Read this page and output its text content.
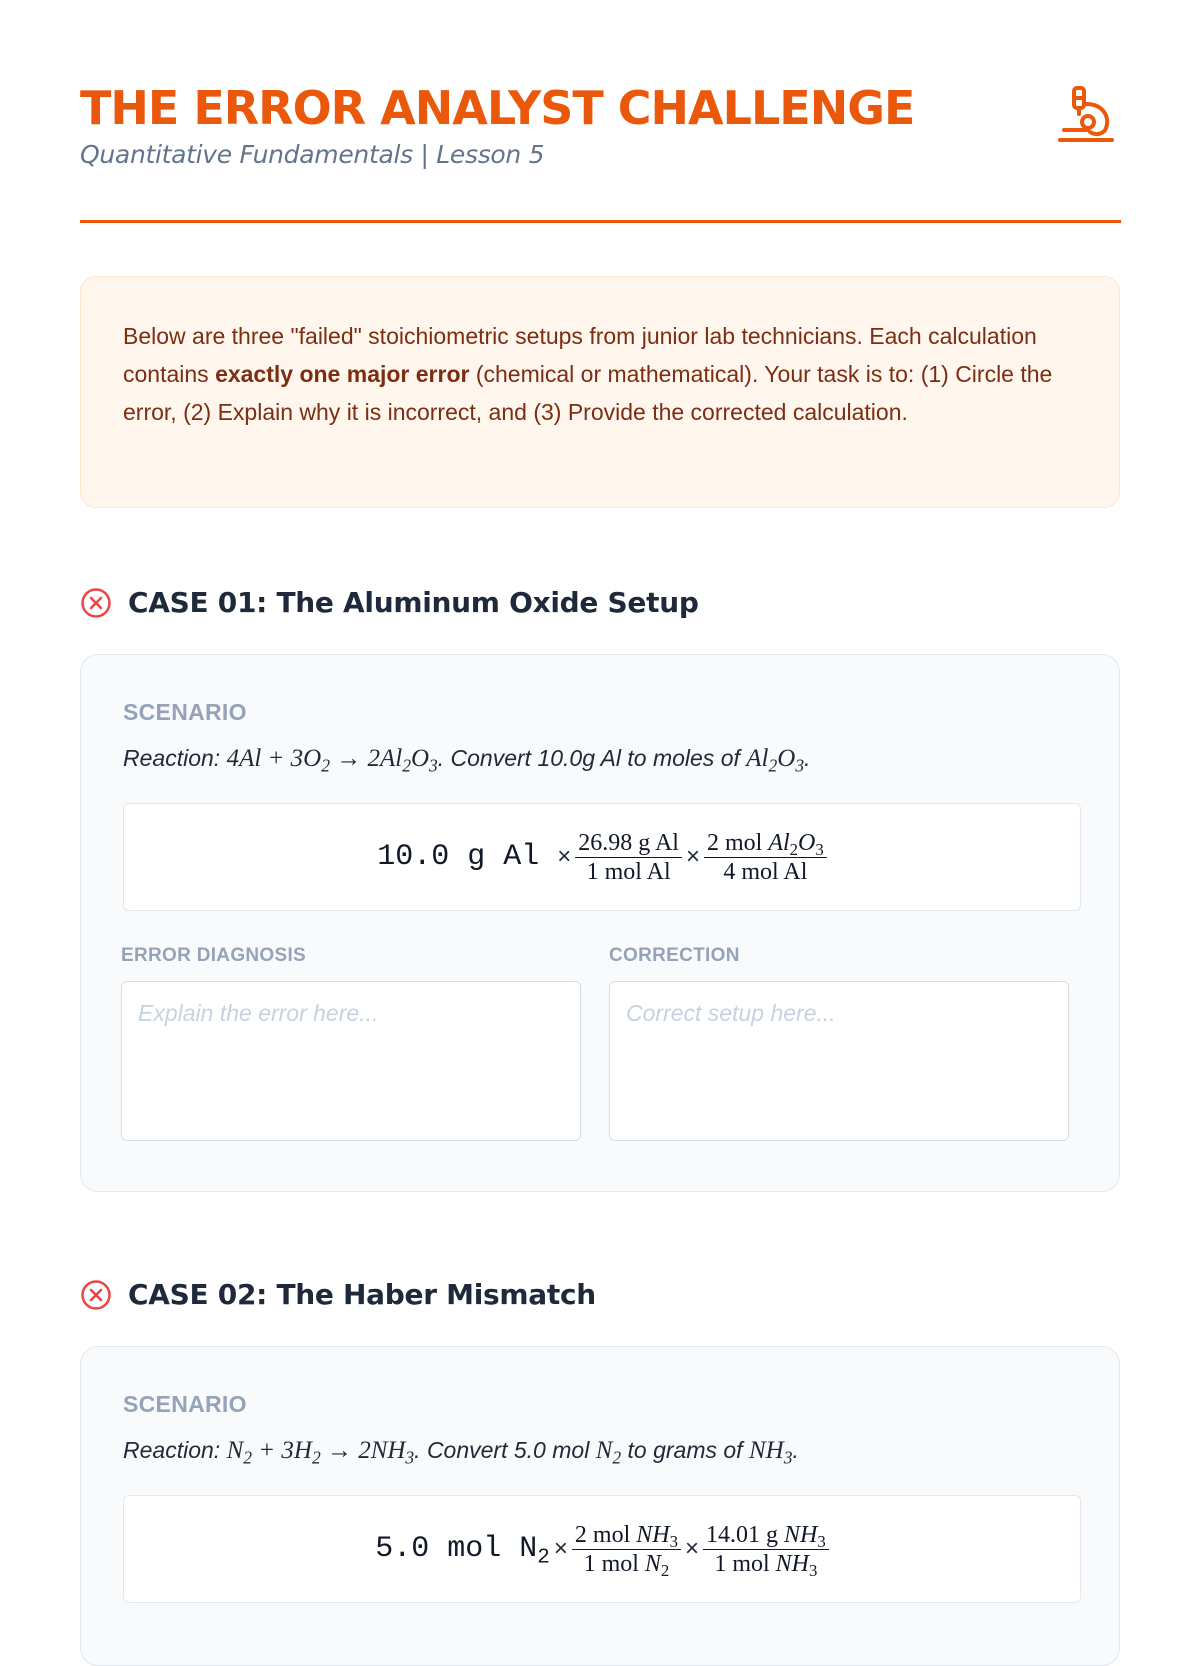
THE ERROR ANALYST CHALLENGE
Quantitative Fundamentals | Lesson 5
Below are three "failed" stoichiometric setups from junior lab technicians. Each calculation contains exactly one major error (chemical or mathematical). Your task is to: (1) Circle the error, (2) Explain why it is incorrect, and (3) Provide the corrected calculation.
CASE 01: The Aluminum Oxide Setup
SCENARIO
Reaction: $4Al + 3O_2 \to 2Al_2O_3$. Convert 10.0g Al to moles of $Al_2O_3$.
10.0 g $Al \times \frac{\text{26.98 g Al}}{\text{1 mol Al}} \times \frac{2 mol Al_2O_3}{\text{4 mol Al}}$
ERROR DIAGNOSIS	CORRECTION
Explain the error here...
Correct setup here...
CASE 02: The Haber Mismatch
SCENARIO
Reaction: $N_2 + 3H_2 \to 2NH_3$. Convert 5.0 mol $N_2$ to grams of $NH_3$.
5.0 mol $N_2 \times \frac{2 mol NH_3}{1 mol N_2} \times \frac{14.01 g NH_3}{1 mol NH_3}$
